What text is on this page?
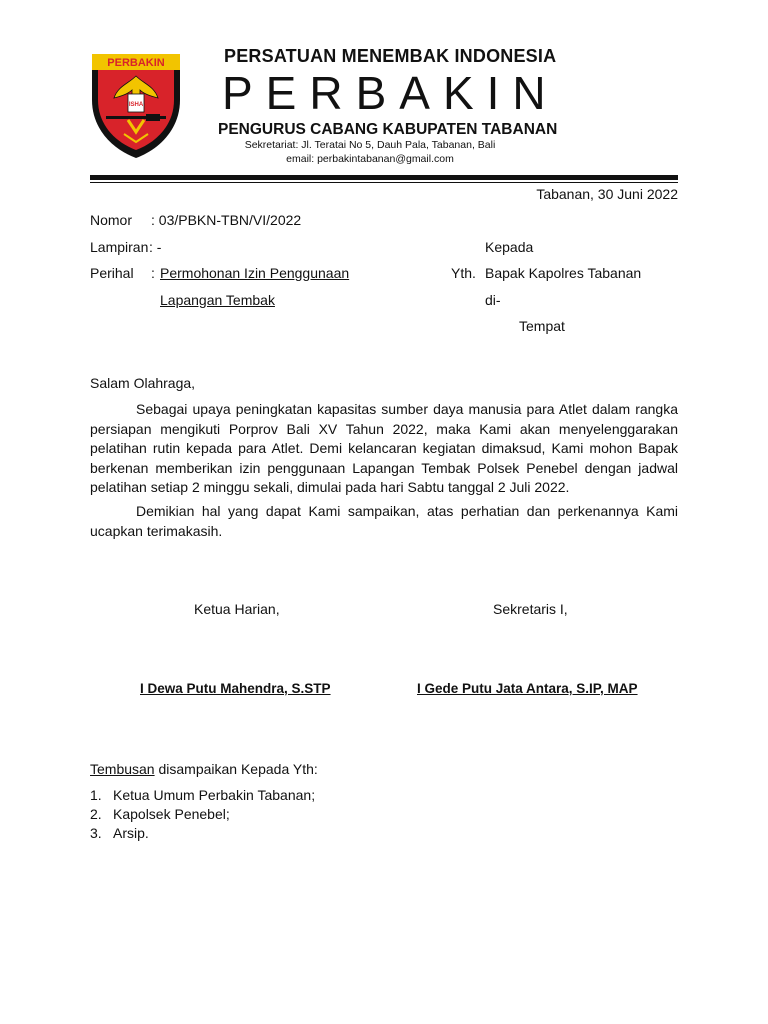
PERBAKIN
ISHA
PERSATUAN MENEMBAK INDONESIA
PERBAKIN
PENGURUS CABANG KABUPATEN TABANAN
Sekretariat: Jl. Teratai No 5, Dauh Pala, Tabanan, Bali
email: perbakintabanan@gmail.com
Tabanan, 30 Juni 2022
Nomor : 03/PBKN-TBN/VI/2022
Lampiran : -
Perihal : Permohonan Izin Penggunaan
Lapangan Tembak
Kepada
Yth. Bapak Kapolres Tabanan
di-
Tempat
Salam Olahraga,

Sebagai upaya peningkatan kapasitas sumber daya manusia para Atlet dalam rangka persiapan mengikuti Porprov Bali XV Tahun 2022, maka Kami akan menyelenggarakan pelatihan rutin kepada para Atlet. Demi kelancaran kegiatan dimaksud, Kami mohon Bapak berkenan memberikan izin penggunaan Lapangan Tembak Polsek Penebel dengan jadwal pelatihan setiap 2 minggu sekali, dimulai pada hari Sabtu tanggal 2 Juli 2022.

Demikian hal yang dapat Kami sampaikan, atas perhatian dan perkenannya Kami ucapkan terimakasih.

Ketua Harian,	Sekretaris I,
I Dewa Putu Mahendra, S.STP	I Gede Putu Jata Antara, S.IP, MAP
Tembusan disampaikan Kepada Yth:
1. Ketua Umum Perbakin Tabanan;
2. Kapolsek Penebel;
3. Arsip.
